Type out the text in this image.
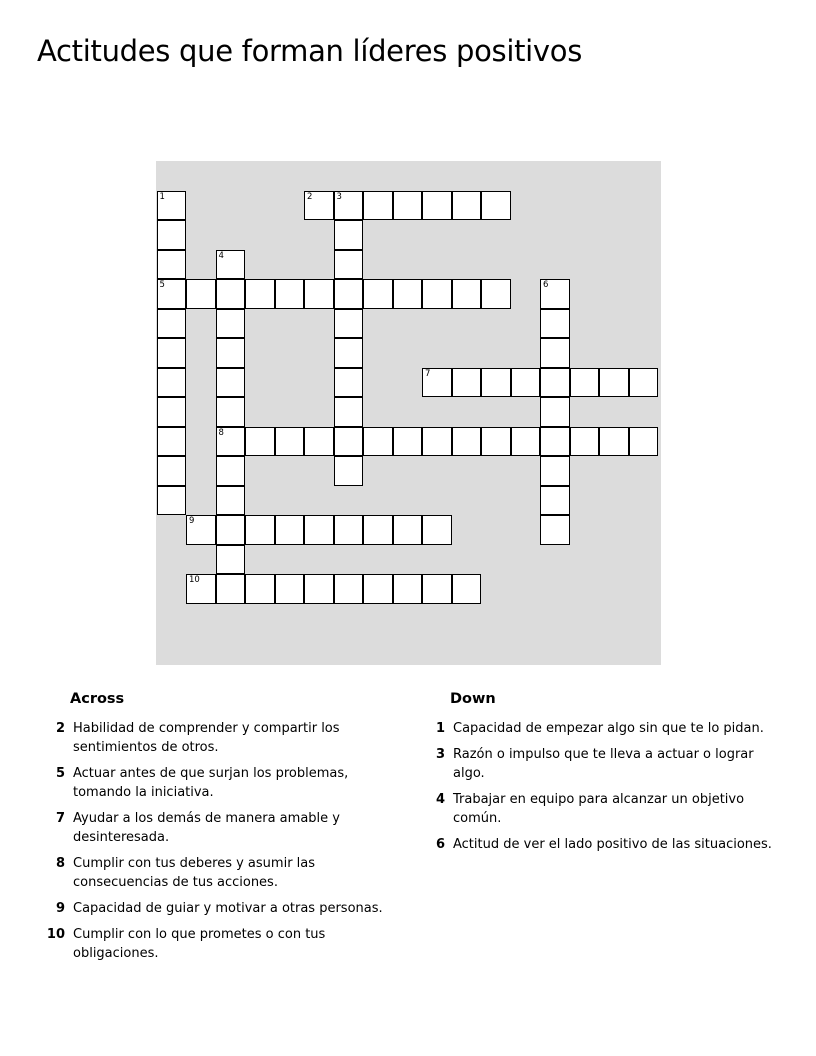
Actitudes que forman líderes positivos
1	2	3
4
5	6
7
8
9
10
Across
2 Habilidad de comprender y compartir los sentimientos de otros.
5 Actuar antes de que surjan los problemas, tomando la iniciativa.
7 Ayudar a los demás de manera amable y desinteresada.
8 Cumplir con tus deberes y asumir las consecuencias de tus acciones.
9 Capacidad de guiar y motivar a otras personas.
10 Cumplir con lo que prometes o con tus obligaciones.
Down
1 Capacidad de empezar algo sin que te lo pidan.
3 Razón o impulso que te lleva a actuar o lograr algo.
4 Trabajar en equipo para alcanzar un objetivo común.
6 Actitud de ver el lado positivo de las situaciones.
